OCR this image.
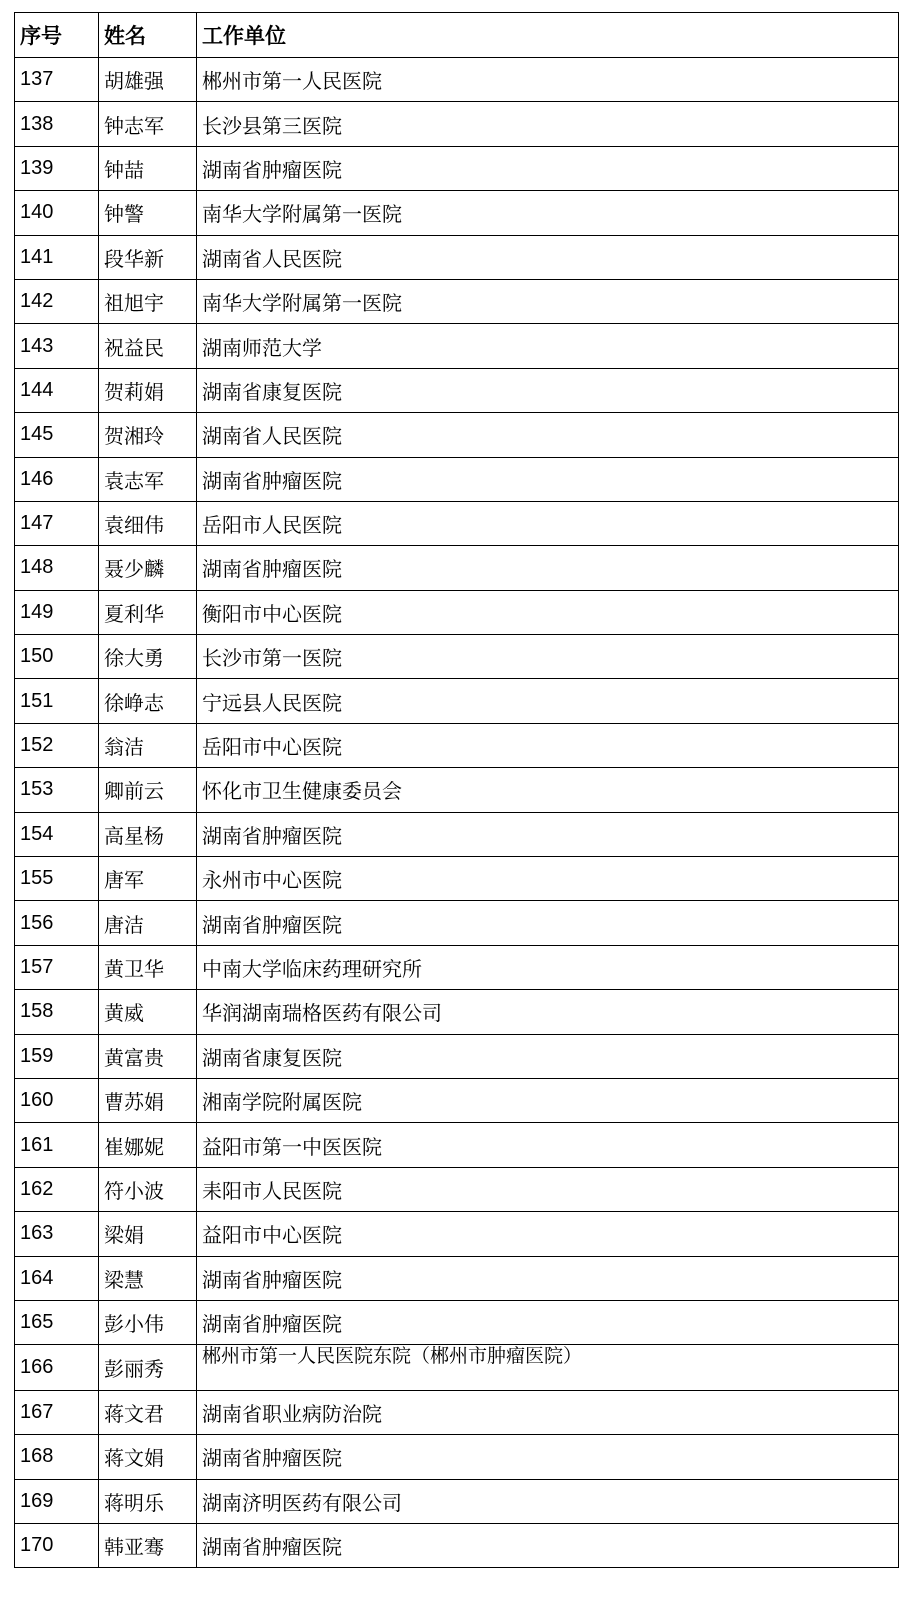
序号	姓名	工作单位
137	胡雄强	郴州市第一人民医院
138	钟志军	长沙县第三医院
139	钟喆	湖南省肿瘤医院
140	钟警	南华大学附属第一医院
141	段华新	湖南省人民医院
142	祖旭宇	南华大学附属第一医院
143	祝益民	湖南师范大学
144	贺莉娟	湖南省康复医院
145	贺湘玲	湖南省人民医院
146	袁志军	湖南省肿瘤医院
147	袁细伟	岳阳市人民医院
148	聂少麟	湖南省肿瘤医院
149	夏利华	衡阳市中心医院
150	徐大勇	长沙市第一医院
151	徐峥志	宁远县人民医院
152	翁洁	岳阳市中心医院
153	卿前云	怀化市卫生健康委员会
154	高星杨	湖南省肿瘤医院
155	唐军	永州市中心医院
156	唐洁	湖南省肿瘤医院
157	黄卫华	中南大学临床药理研究所
158	黄威	华润湖南瑞格医药有限公司
159	黄富贵	湖南省康复医院
160	曹苏娟	湘南学院附属医院
161	崔娜妮	益阳市第一中医医院
162	符小波	耒阳市人民医院
163	梁娟	益阳市中心医院
164	梁慧	湖南省肿瘤医院
165	彭小伟	湖南省肿瘤医院
166	彭丽秀	郴州市第一人民医院东院（郴州市肿瘤医院）
167	蒋文君	湖南省职业病防治院
168	蒋文娟	湖南省肿瘤医院
169	蒋明乐	湖南济明医药有限公司
170	韩亚骞	湖南省肿瘤医院
